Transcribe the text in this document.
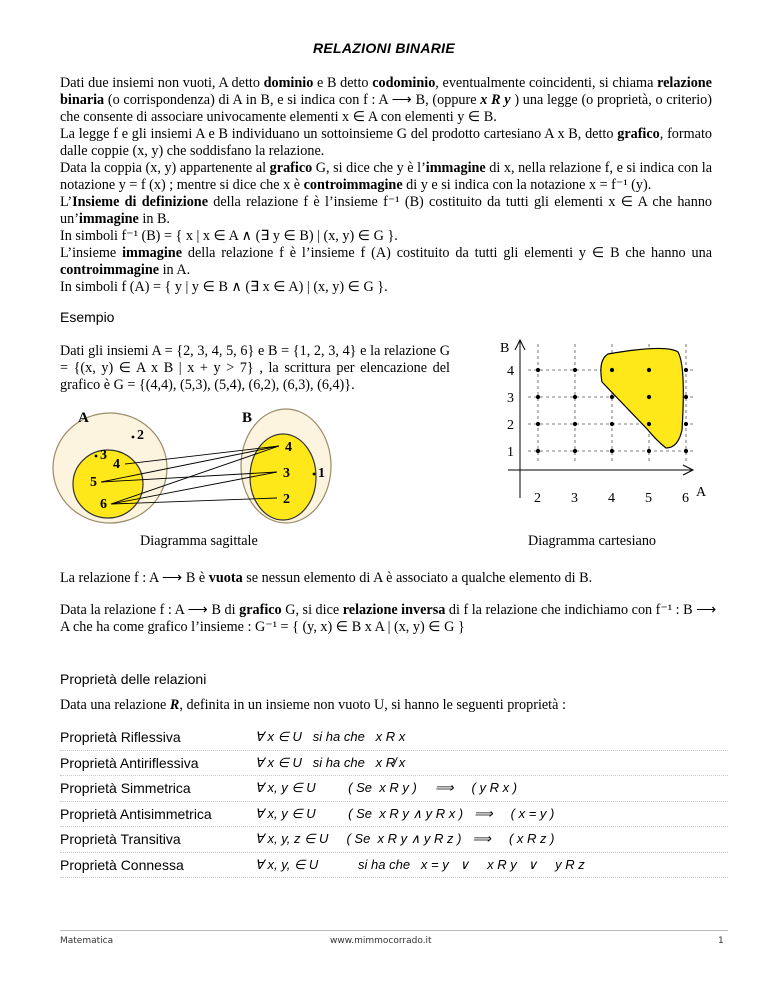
RELAZIONI BINARIE

Dati due insiemi non vuoti, A detto dominio e B detto codominio, eventualmente coincidenti, si chiama relazione binaria (o corrispondenza) di A in B, e si indica con f : A ⟶ B, (oppure x R y ) una legge (o proprietà, o criterio) che consente di associare univocamente elementi x ∈ A con elementi y ∈ B.

La legge f e gli insiemi A e B individuano un sottoinsieme G del prodotto cartesiano A x B, detto grafico, formato dalle coppie (x, y) che soddisfano la relazione.

Data la coppia (x, y) appartenente al grafico G, si dice che y è l’immagine di x, nella relazione f, e si indica con la notazione y = f (x) ; mentre si dice che x è controimmagine di y e si indica con la notazione x = f⁻¹ (y).

L’Insieme di definizione della relazione f è l’insieme f⁻¹ (B) costituito da tutti gli elementi x ∈ A che hanno un’immagine in B.

In simboli f⁻¹ (B) = { x | x ∈ A ∧ (∃ y ∈ B) | (x, y) ∈ G }.

L’insieme immagine della relazione f è l’insieme f (A) costituito da tutti gli elementi y ∈ B che hanno una controimmagine in A.

In simboli f (A) = { y | y ∈ B ∧ (∃ x ∈ A) | (x, y) ∈ G }.

Esempio
Dati gli insiemi A = {2, 3, 4, 5, 6} e B = {1, 2, 3, 4} e la relazione G = {(x, y) ∈ A x B | x + y > 7} , la scrittura per elencazione del grafico è G = {(4,4), (5,3), (5,4), (6,2), (6,3), (6,4)}.
A	B
2
3
4
5
6
4
3 1
2
Diagramma sagittale
B
A
2 3 4 5 6
1
2
3
4
Diagramma cartesiano
La relazione f : A ⟶ B è vuota se nessun elemento di A è associato a qualche elemento di B.
Data la relazione f : A ⟶ B di grafico G, si dice relazione inversa di f la relazione che indichiamo con f⁻¹ : B ⟶ A che ha come grafico l’insieme : G⁻¹ = { (y, x) ∈ B x A | (x, y) ∈ G }
Proprietà delle relazioni
Data una relazione R, definita in un insieme non vuoto U, si hanno le seguenti proprietà :
Proprietà Riflessiva	∀ x ∈ U   si ha che   x R x
Proprietà Antiriflessiva	∀ x ∈ U   si ha che   x R̸ x
Proprietà Simmetrica	∀ x, y ∈ U         ( Se  x R y )     ⟹     ( y R x )
Proprietà Antisimmetrica	∀ x, y ∈ U         ( Se  x R y ∧ y R x )   ⟹     ( x = y )
Proprietà Transitiva	∀ x, y, z ∈ U     ( Se  x R y ∧ y R z )   ⟹     ( x R z )
Proprietà Connessa	∀ x, y, ∈ U           si ha che   x = y   ∨     x R y   ∨     y R z
Matematica	www.mimmocorrado.it	1
